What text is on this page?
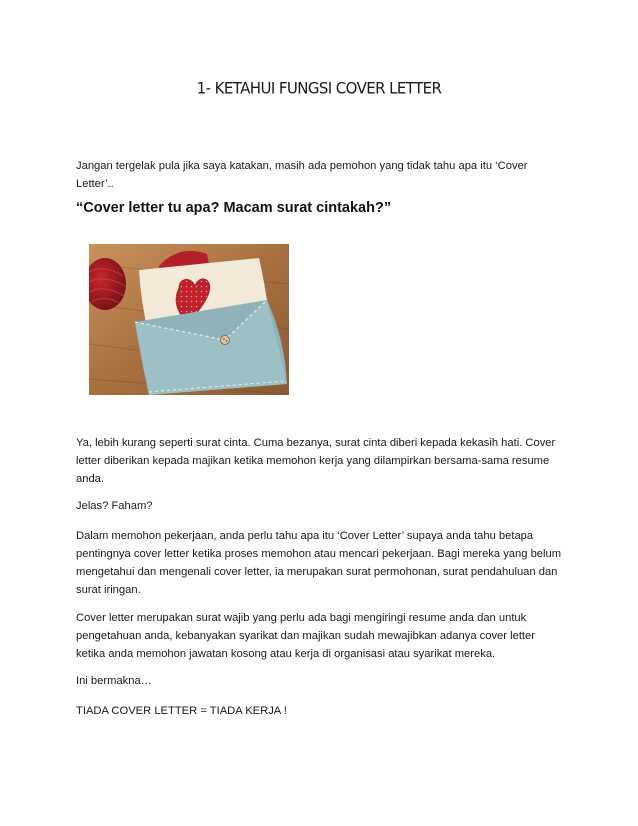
1- KETAHUI FUNGSI COVER LETTER

Jangan tergelak pula jika saya katakan, masih ada pemohon yang tidak tahu apa itu ‘Cover Letter’..

“Cover letter tu apa? Macam surat cintakah?”

Ya, lebih kurang seperti surat cinta. Cuma bezanya, surat cinta diberi kepada kekasih hati. Cover letter diberikan kepada majikan ketika memohon kerja yang dilampirkan bersama-sama resume anda.

Jelas? Faham?

Dalam memohon pekerjaan, anda perlu tahu apa itu ‘Cover Letter’ supaya anda tahu betapa pentingnya cover letter ketika proses memohon atau mencari pekerjaan. Bagi mereka yang belum mengetahui dan mengenali cover letter, ia merupakan surat permohonan, surat pendahuluan dan surat iringan.

Cover letter merupakan surat wajib yang perlu ada bagi mengiringi resume anda dan untuk pengetahuan anda, kebanyakan syarikat dan majikan sudah mewajibkan adanya cover letter ketika anda memohon jawatan kosong atau kerja di organisasi atau syarikat mereka.

Ini bermakna…

TIADA COVER LETTER = TIADA KERJA !
